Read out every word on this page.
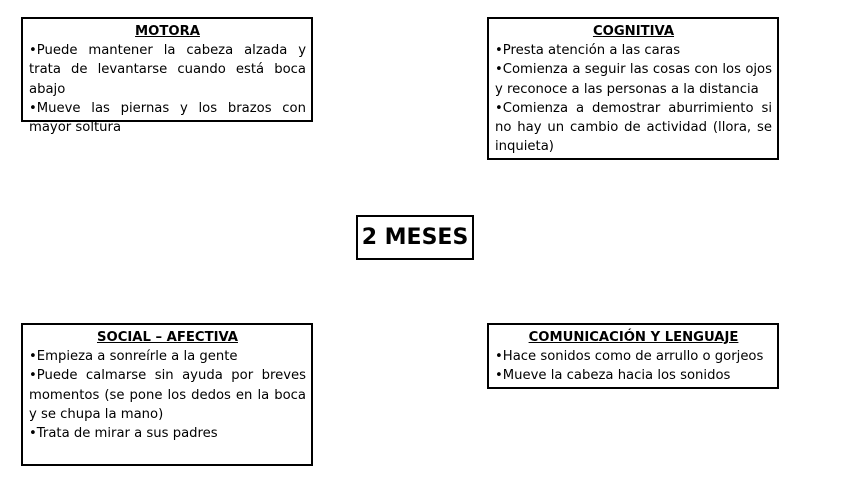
MOTORA
• Puede mantener la cabeza alzada y trata de levantarse cuando está boca abajo
• Mueve las piernas y los brazos con mayor soltura
COGNITIVA
• Presta atención a las caras
• Comienza a seguir las cosas con los ojos y reconoce a las personas a la distancia
• Comienza a demostrar aburrimiento si no hay un cambio de actividad (llora, se inquieta)
2 MESES
SOCIAL – AFECTIVA
• Empieza a sonreírle a la gente
• Puede calmarse sin ayuda por breves momentos (se pone los dedos en la boca y se chupa la mano)
• Trata de mirar a sus padres
COMUNICACIÓN Y LENGUAJE
• Hace sonidos como de arrullo o gorjeos
• Mueve la cabeza hacia los sonidos
